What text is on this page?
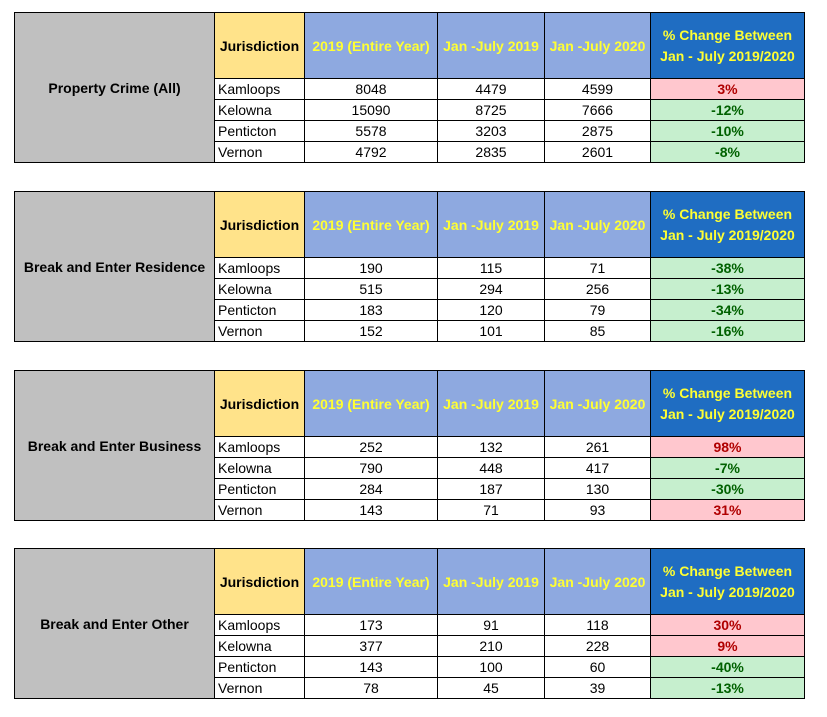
Property Crime (All)	Jurisdiction	2019 (Entire Year)	Jan -July 2019	Jan -July 2020	% Change Between
Jan - July 2019/2020

	Kamloops	8048	4479	4599	3%
	Kelowna	15090	8725	7666	-12%
	Penticton	5578	3203	2875	-10%
	Vernon	4792	2835	2601	-8%
Break and Enter Residence	Jurisdiction	2019 (Entire Year)	Jan -July 2019	Jan -July 2020	% Change Between
Jan - July 2019/2020

	Kamloops	190	115	71	-38%
	Kelowna	515	294	256	-13%
	Penticton	183	120	79	-34%
	Vernon	152	101	85	-16%
Break and Enter Business	Jurisdiction	2019 (Entire Year)	Jan -July 2019	Jan -July 2020	% Change Between
Jan - July 2019/2020

	Kamloops	252	132	261	98%
	Kelowna	790	448	417	-7%
	Penticton	284	187	130	-30%
	Vernon	143	71	93	31%
Break and Enter Other	Jurisdiction	2019 (Entire Year)	Jan -July 2019	Jan -July 2020	% Change Between
Jan - July 2019/2020

	Kamloops	173	91	118	30%
	Kelowna	377	210	228	9%
	Penticton	143	100	60	-40%
	Vernon	78	45	39	-13%
